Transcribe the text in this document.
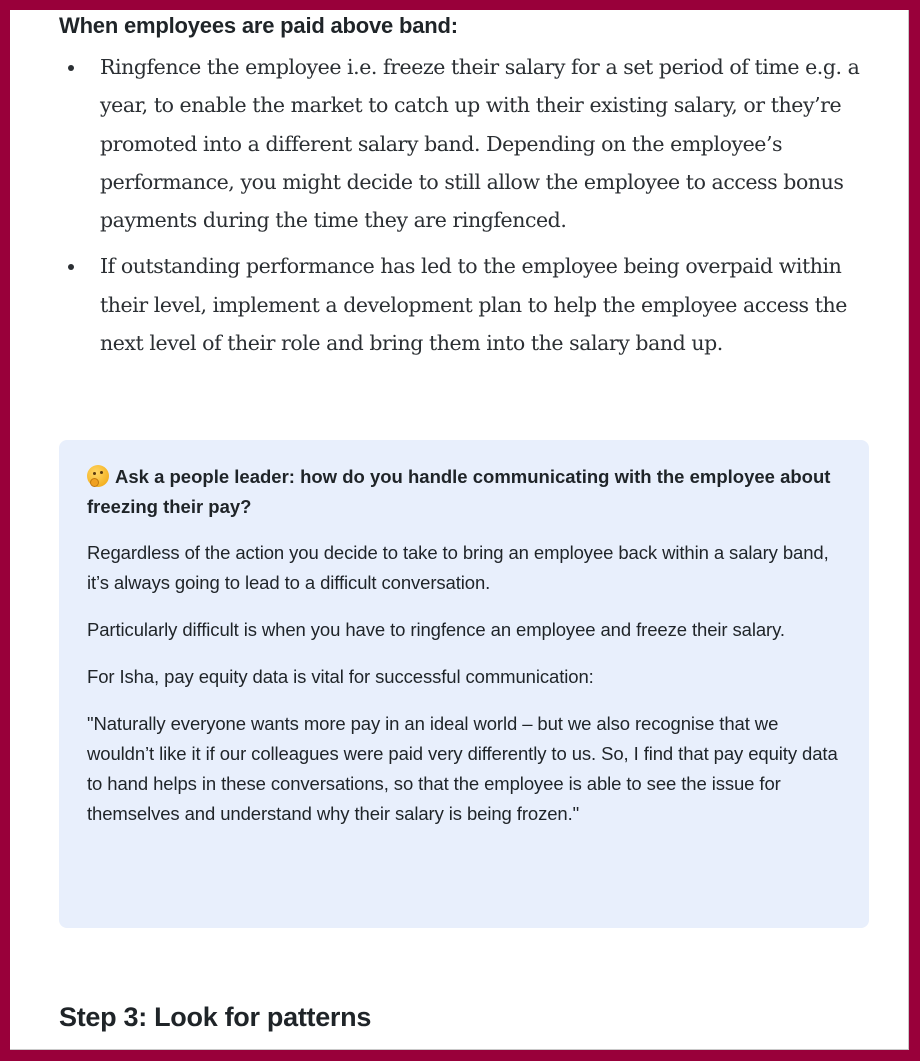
When employees are paid above band:
Ringfence the employee i.e. freeze their salary for a set period of time e.g. a year, to enable the market to catch up with their existing salary, or they’re promoted into a different salary band. Depending on the employee’s performance, you might decide to still allow the employee to access bonus payments during the time they are ringfenced.
If outstanding performance has led to the employee being overpaid within their level, implement a development plan to help the employee access the next level of their role and bring them into the salary band up.
Ask a people leader: how do you handle communicating with the employee about freezing their pay?

Regardless of the action you decide to take to bring an employee back within a salary band, it’s always going to lead to a difficult conversation.

Particularly difficult is when you have to ringfence an employee and freeze their salary.

For Isha, pay equity data is vital for successful communication:

"Naturally everyone wants more pay in an ideal world – but we also recognise that we wouldn’t like it if our colleagues were paid very differently to us. So, I find that pay equity data to hand helps in these conversations, so that the employee is able to see the issue for themselves and understand why their salary is being frozen."

Step 3: Look for patterns
